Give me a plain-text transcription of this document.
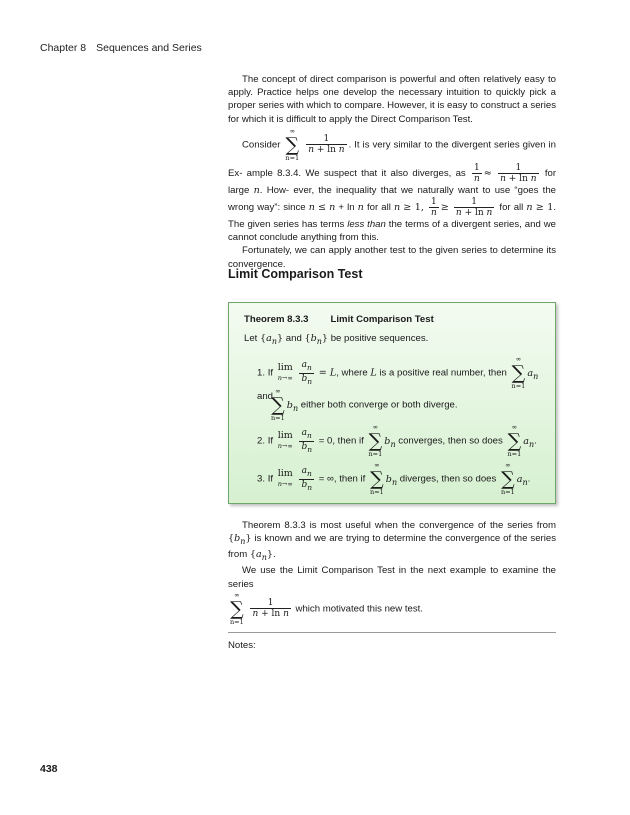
Chapter 8 Sequences and Series

The concept of direct comparison is powerful and often relatively easy to apply. Practice helps one develop the necessary intuition to quickly pick a proper series with which to compare. However, it is easy to construct a series for which it is difficult to apply the Direct Comparison Test.

Consider
∞
∑
n=1

$\frac{1}{\text{n + ln n}}$ . It is very similar to the divergent series given in Ex- ample 8.3.4. We suspect that it also diverges, as $\frac{1}{n} \approx \frac{1}{\text{n + ln n}}$ for large n. How- ever, the inequality that we naturally want to use “goes the wrong way”: since n ≤ n + ln n for all n ≥ 1, $\frac{1}{n} \ge \frac{1}{\text{n + ln n}}$ for all n ≥ 1. The given series has terms less than the terms of a divergent series, and we cannot conclude anything from this.

Fortunately, we can apply another test to the given series to determine its convergence.

Limit Comparison Test
Theorem 8.3.3 Limit Comparison Test
Let $\{a_n\}$ and $\{b_n\}$ be positive sequences.
1. If
lim
n→∞
$\frac{a_n}{b_n} = L$, where L is a positive real number, then
∞
∑
n=1
$a_n$ and ∞
∑
n=1
$b_n$ either both converge or both diverge.
2. If
lim
n→∞
$\frac{a_n}{b_n} = 0$, then if
∞
∑
n=1
$b_n$ converges, then so does
∞
∑
n=1
$a_n$.
3. If
lim
n→∞
$\frac{a_n}{b_n}$ = ∞, then if
∞
∑
n=1
$b_n$ diverges, then so does
∞
∑
n=1
$a_n$.

Theorem 8.3.3 is most useful when the convergence of the series from $\{b_n\}$ is known and we are trying to determine the convergence of the series from $\{a_n\}$.

We use the Limit Comparison Test in the next example to examine the series

∞
∑
n=1

$\frac{1}{\text{n + ln n}}$ which motivated this new test.

Notes:
438
